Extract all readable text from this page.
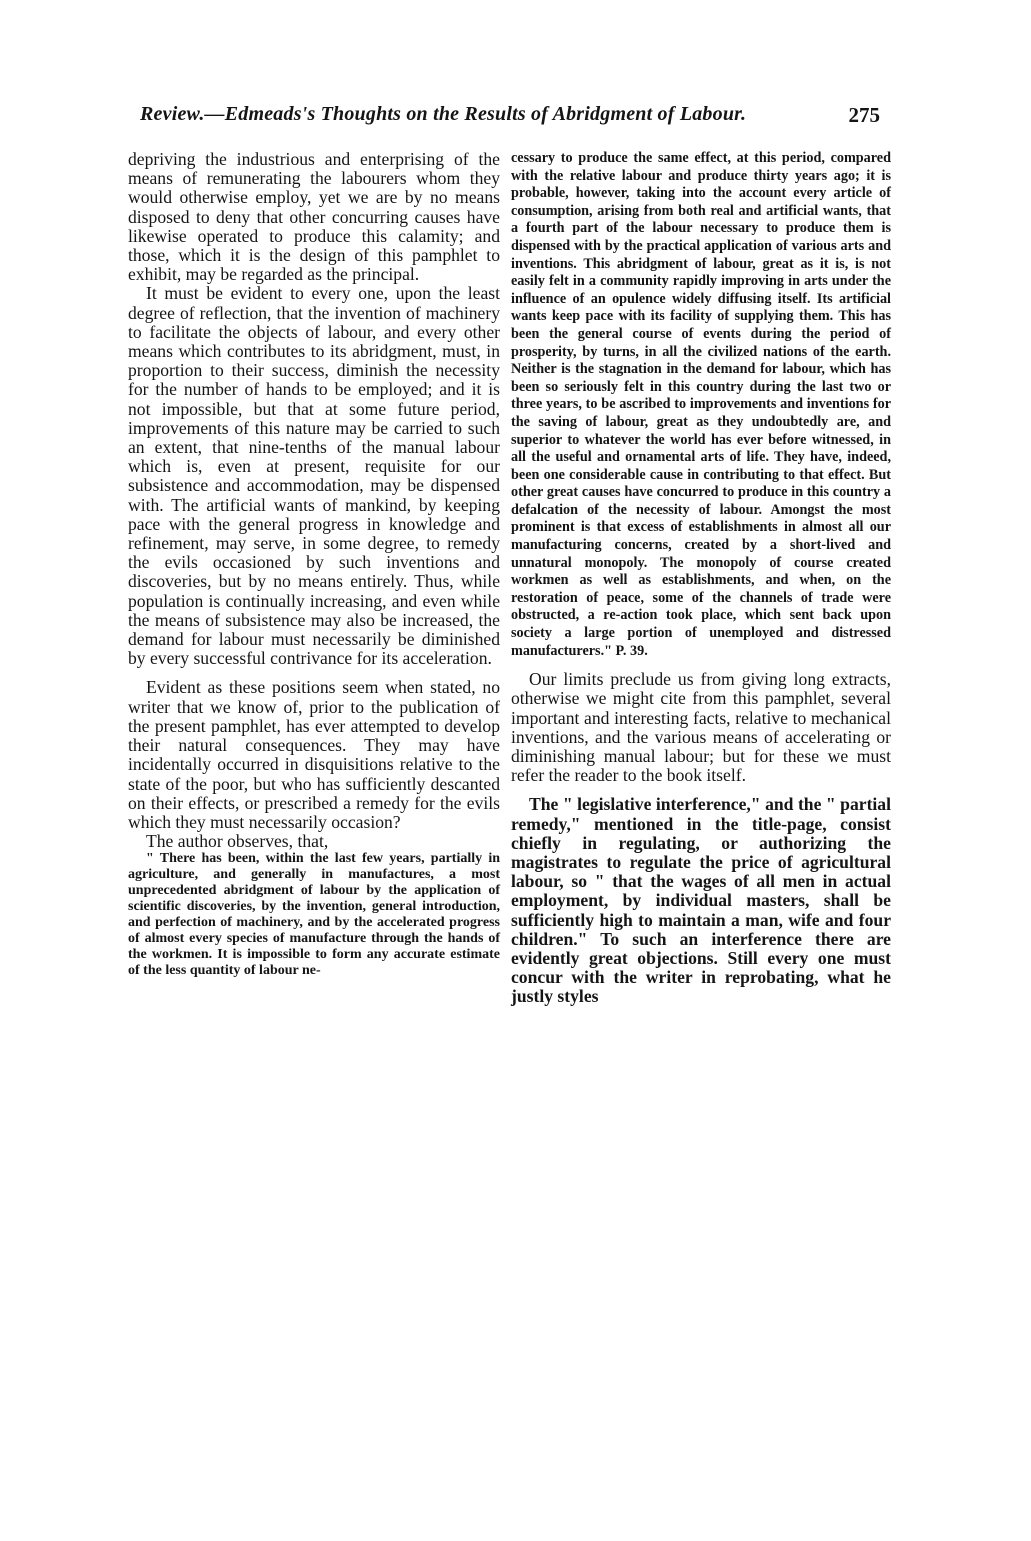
Review.—Edmeads's Thoughts on the Results of Abridgment of Labour.	275

depriving the industrious and enterprising of the means of remunerating the labourers whom they would otherwise employ, yet we are by no means disposed to deny that other concurring causes have likewise operated to produce this calamity; and those, which it is the design of this pamphlet to exhibit, may be regarded as the principal.

It must be evident to every one, upon the least degree of reflection, that the invention of machinery to facilitate the objects of labour, and every other means which contributes to its abridgment, must, in proportion to their success, diminish the necessity for the number of hands to be employed; and it is not impossible, but that at some future period, improvements of this nature may be carried to such an extent, that nine-tenths of the manual labour which is, even at present, requisite for our subsistence and accommodation, may be dispensed with. The artificial wants of mankind, by keeping pace with the general progress in knowledge and refinement, may serve, in some degree, to remedy the evils occasioned by such inventions and discoveries, but by no means entirely. Thus, while population is continually increasing, and even while the means of subsistence may also be increased, the demand for labour must necessarily be diminished by every successful contrivance for its acceleration.

Evident as these positions seem when stated, no writer that we know of, prior to the publication of the present pamphlet, has ever attempted to develop their natural consequences. They may have incidentally occurred in disquisitions relative to the state of the poor, but who has sufficiently descanted on their effects, or prescribed a remedy for the evils which they must necessarily occasion?

The author observes, that,

" There has been, within the last few years, partially in agriculture, and generally in manufactures, a most unprecedented abridgment of labour by the application of scientific discoveries, by the invention, general introduction, and perfection of machinery, and by the accelerated progress of almost every species of manufacture through the hands of the workmen. It is impossible to form any accurate estimate of the less quantity of labour ne-

cessary to produce the same effect, at this period, compared with the relative labour and produce thirty years ago; it is probable, however, taking into the account every article of consumption, arising from both real and artificial wants, that a fourth part of the labour necessary to produce them is dispensed with by the practical application of various arts and inventions. This abridgment of labour, great as it is, is not easily felt in a community rapidly improving in arts under the influence of an opulence widely diffusing itself. Its artificial wants keep pace with its facility of supplying them. This has been the general course of events during the period of prosperity, by turns, in all the civilized nations of the earth. Neither is the stagnation in the demand for labour, which has been so seriously felt in this country during the last two or three years, to be ascribed to improvements and inventions for the saving of labour, great as they undoubtedly are, and superior to whatever the world has ever before witnessed, in all the useful and ornamental arts of life. They have, indeed, been one considerable cause in contributing to that effect. But other great causes have concurred to produce in this country a defalcation of the necessity of labour. Amongst the most prominent is that excess of establishments in almost all our manufacturing concerns, created by a short-lived and unnatural monopoly. The monopoly of course created workmen as well as establishments, and when, on the restoration of peace, some of the channels of trade were obstructed, a re-action took place, which sent back upon society a large portion of unemployed and distressed manufacturers." P. 39.

Our limits preclude us from giving long extracts, otherwise we might cite from this pamphlet, several important and interesting facts, relative to mechanical inventions, and the various means of accelerating or diminishing manual labour; but for these we must refer the reader to the book itself.

The " legislative interference," and the " partial remedy," mentioned in the title-page, consist chiefly in regulating, or authorizing the magistrates to regulate the price of agricultural labour, so " that the wages of all men in actual employment, by individual masters, shall be sufficiently high to maintain a man, wife and four children." To such an interference there are evidently great objections. Still every one must concur with the writer in reprobating, what he justly styles
